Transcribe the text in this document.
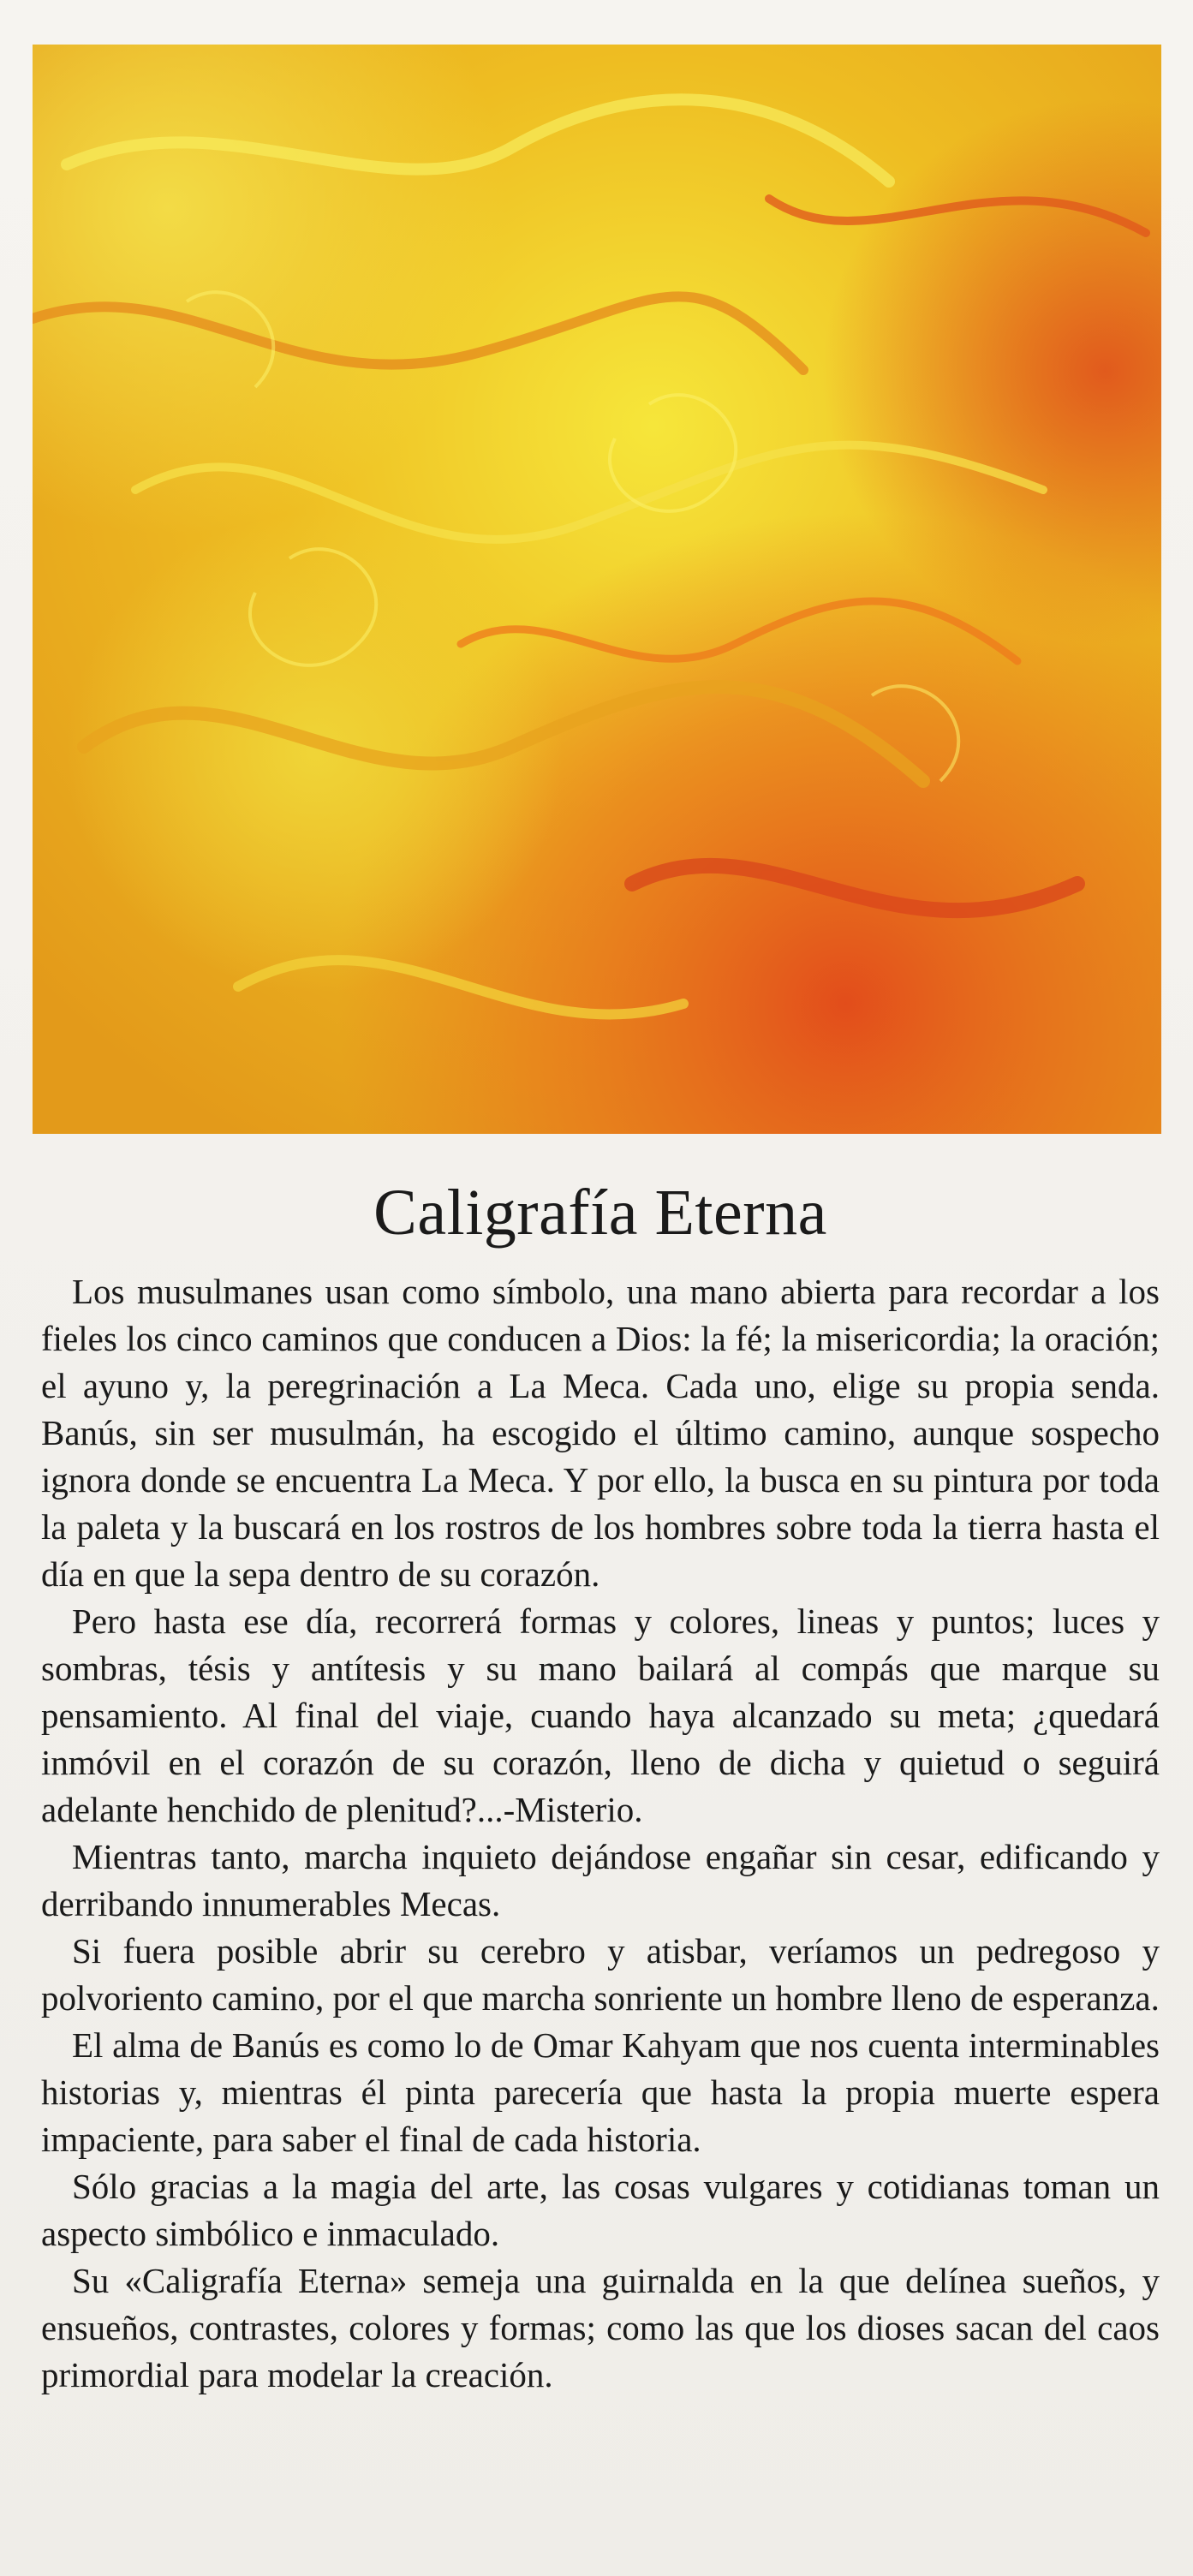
Caligrafía Eterna

Los musulmanes usan como símbolo, una mano abierta para recordar a los fieles los cinco caminos que conducen a Dios: la fé; la misericordia; la oración; el ayuno y, la peregrinación a La Meca. Cada uno, elige su propia senda. Banús, sin ser musulmán, ha escogido el último camino, aunque sospecho ignora donde se encuentra La Meca. Y por ello, la busca en su pintura por toda la paleta y la buscará en los rostros de los hombres sobre toda la tierra hasta el día en que la sepa dentro de su corazón.

Pero hasta ese día, recorrerá formas y colores, lineas y puntos; luces y sombras, tésis y antítesis y su mano bailará al compás que marque su pensamiento. Al final del viaje, cuando haya alcanzado su meta; ¿quedará inmóvil en el corazón de su corazón, lleno de dicha y quietud o seguirá adelante henchido de plenitud?...-Misterio.

Mientras tanto, marcha inquieto dejándose engañar sin cesar, edificando y derribando innumerables Mecas.

Si fuera posible abrir su cerebro y atisbar, veríamos un pedregoso y polvoriento camino, por el que marcha sonriente un hombre lleno de esperanza.

El alma de Banús es como lo de Omar Kahyam que nos cuenta interminables historias y, mientras él pinta parecería que hasta la propia muerte espera impaciente, para saber el final de cada historia.

Sólo gracias a la magia del arte, las cosas vulgares y cotidianas toman un aspecto simbólico e inmaculado.

Su «Caligrafía Eterna» semeja una guirnalda en la que delínea sueños, y ensueños, contrastes, colores y formas; como las que los dioses sacan del caos primordial para modelar la creación.
